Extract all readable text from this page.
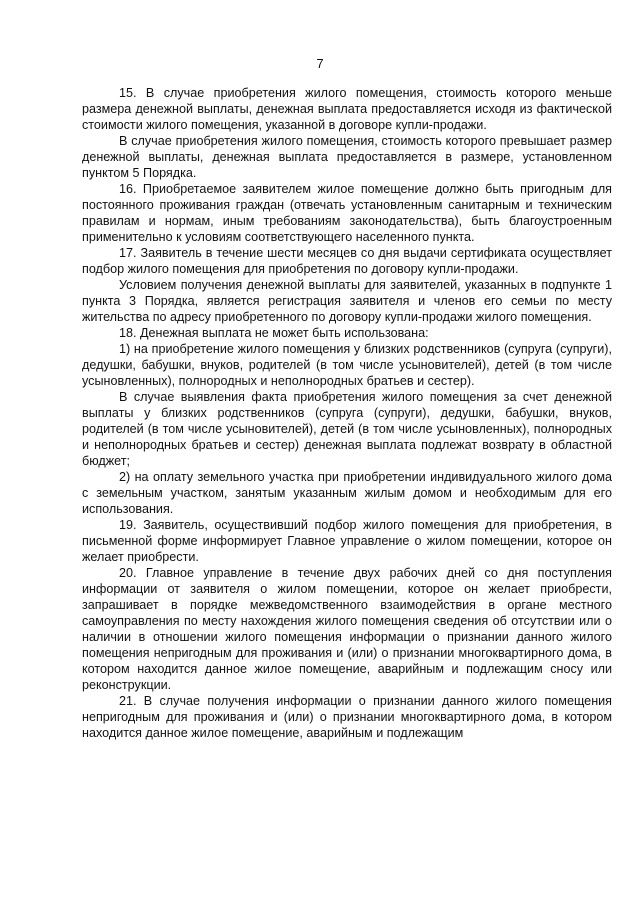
7

15. В случае приобретения жилого помещения, стоимость которого меньше размера денежной выплаты, денежная выплата предоставляется исходя из фактической стоимости жилого помещения, указанной в договоре купли-продажи.

В случае приобретения жилого помещения, стоимость которого превышает размер денежной выплаты, денежная выплата предоставляется в размере, установленном пунктом 5 Порядка.

16. Приобретаемое заявителем жилое помещение должно быть пригодным для постоянного проживания граждан (отвечать установленным санитарным и техническим правилам и нормам, иным требованиям законодательства), быть благоустроенным применительно к условиям соответствующего населенного пункта.

17. Заявитель в течение шести месяцев со дня выдачи сертификата осуществляет подбор жилого помещения для приобретения по договору купли-продажи.

Условием получения денежной выплаты для заявителей, указанных в подпункте 1 пункта 3 Порядка, является регистрация заявителя и членов его семьи по месту жительства по адресу приобретенного по договору купли-продажи жилого помещения.

18. Денежная выплата не может быть использована:

1) на приобретение жилого помещения у близких родственников (супруга (супруги), дедушки, бабушки, внуков, родителей (в том числе усыновителей), детей (в том числе усыновленных), полнородных и неполнородных братьев и сестер).

В случае выявления факта приобретения жилого помещения за счет денежной выплаты у близких родственников (супруга (супруги), дедушки, бабушки, внуков, родителей (в том числе усыновителей), детей (в том числе усыновленных), полнородных и неполнородных братьев и сестер) денежная выплата подлежат возврату в областной бюджет;

2) на оплату земельного участка при приобретении индивидуального жилого дома с земельным участком, занятым указанным жилым домом и необходимым для его использования.

19. Заявитель, осуществивший подбор жилого помещения для приобретения, в письменной форме информирует Главное управление о жилом помещении, которое он желает приобрести.

20. Главное управление в течение двух рабочих дней со дня поступления информации от заявителя о жилом помещении, которое он желает приобрести, запрашивает в порядке межведомственного взаимодействия в органе местного самоуправления по месту нахождения жилого помещения сведения об отсутствии или о наличии в отношении жилого помещения информации о признании данного жилого помещения непригодным для проживания и (или) о признании многоквартирного дома, в котором находится данное жилое помещение, аварийным и подлежащим сносу или реконструкции.

21. В случае получения информации о признании данного жилого помещения непригодным для проживания и (или) о признании многоквартирного дома, в котором находится данное жилое помещение, аварийным и подлежащим
